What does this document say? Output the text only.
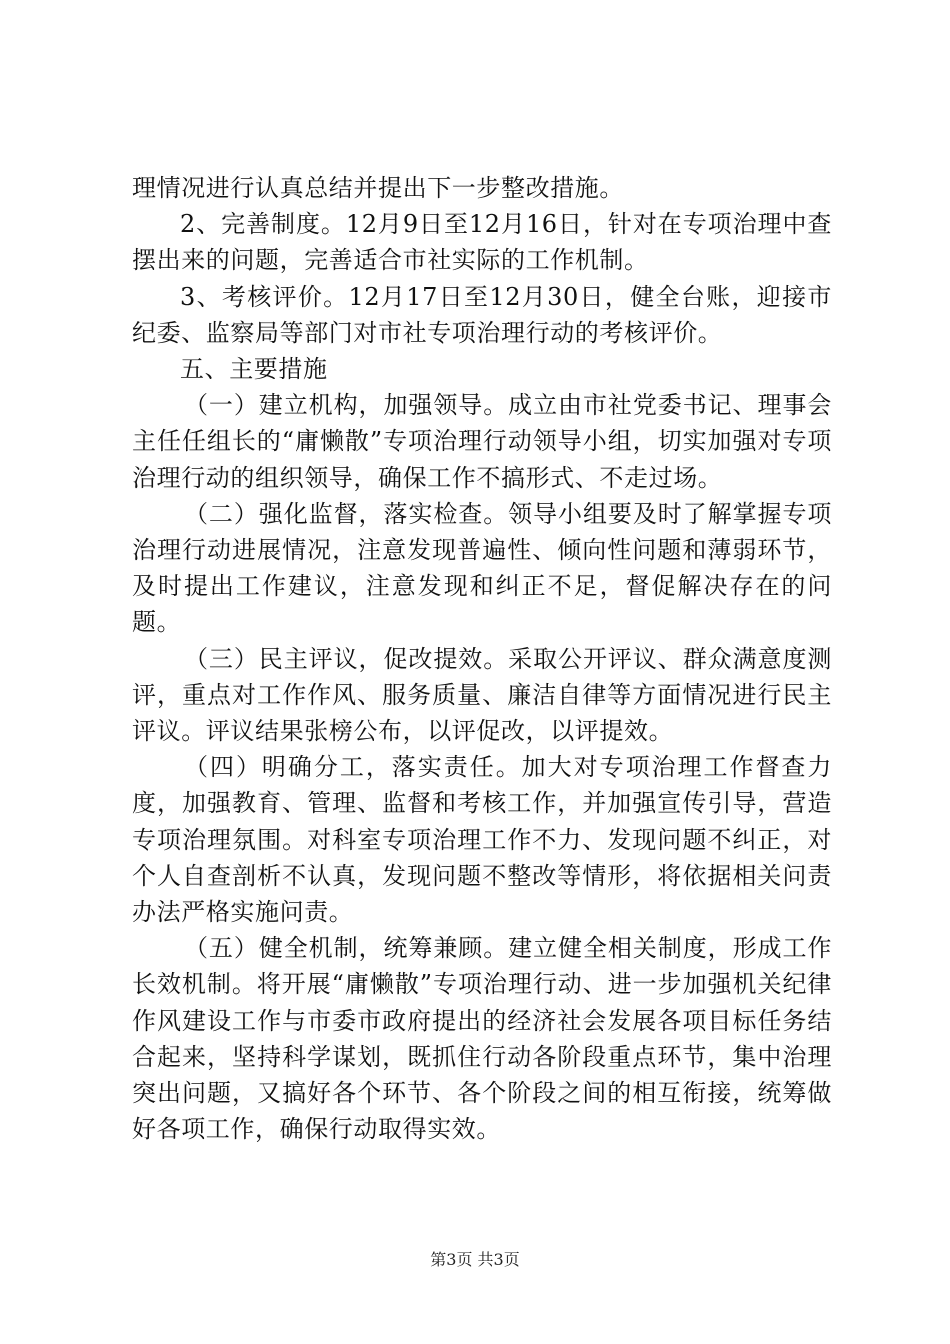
理情况进行认真总结并提出下一步整改措施。

2、完善制度。12月9日至12月16日，针对在专项治理中查摆出来的问题，完善适合市社实际的工作机制。

3、考核评价。12月17日至12月30日，健全台账，迎接市纪委、监察局等部门对市社专项治理行动的考核评价。

五、主要措施

（一）建立机构，加强领导。成立由市社党委书记、理事会主任任组长的“庸懒散”专项治理行动领导小组，切实加强对专项治理行动的组织领导，确保工作不搞形式、不走过场。

（二）强化监督，落实检查。领导小组要及时了解掌握专项治理行动进展情况，注意发现普遍性、倾向性问题和薄弱环节，及时提出工作建议，注意发现和纠正不足，督促解决存在的问题。

（三）民主评议，促改提效。采取公开评议、群众满意度测评，重点对工作作风、服务质量、廉洁自律等方面情况进行民主评议。评议结果张榜公布，以评促改，以评提效。

（四）明确分工，落实责任。加大对专项治理工作督查力度，加强教育、管理、监督和考核工作，并加强宣传引导，营造专项治理氛围。对科室专项治理工作不力、发现问题不纠正，对个人自查剖析不认真，发现问题不整改等情形，将依据相关问责办法严格实施问责。

（五）健全机制，统筹兼顾。建立健全相关制度，形成工作长效机制。将开展“庸懒散”专项治理行动、进一步加强机关纪律作风建设工作与市委市政府提出的经济社会发展各项目标任务结合起来，坚持科学谋划，既抓住行动各阶段重点环节，集中治理突出问题，又搞好各个环节、各个阶段之间的相互衔接，统筹做好各项工作，确保行动取得实效。

第3页 共3页
